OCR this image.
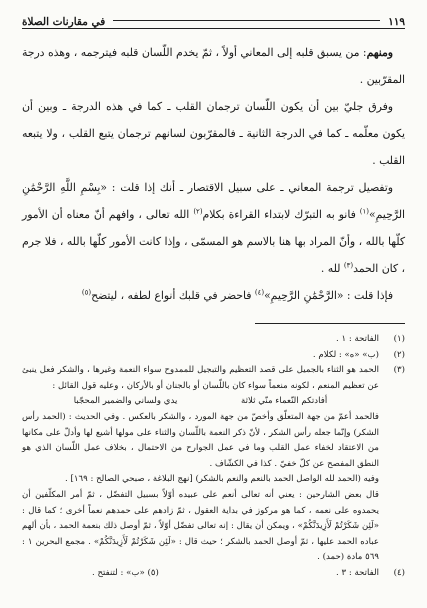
١١٩
في مقارنات الصلاة

ومنهم: من يسبق قلبه إلى المعاني أولاً ، ثمّ يخدم اللّسان قلبه فيترجمه ، وهذه درجة المقرّبين .

وفرق جليّ بين أن يكون اللّسان ترجمان القلب ـ كما في هذه الدرجة ـ وبين أن يكون معلّمه ـ كما في الدرجة الثانية ـ فالمقرّبون لسانهم ترجمان يتبع القلب ، ولا يتبعه القلب .

وتفصيل ترجمة المعاني ـ على سبيل الاقتصار ـ أنك إذا قلت : «بِسْمِ اللَّهِ الرَّحْمَٰنِ الرَّحِيمِ»$^{(١)}$ فانو به التبرّك لابتداء القراءة بكلام$^{(٢)}$ الله تعالى ، وافهم أنّ معناه أن الأمور كلّها بالله ، وأنّ المراد بها هنا بالاسم هو المسمّى ، وإذا كانت الأمور كلّها بالله ، فلا جرم ، كان الحمد$^{(٣)}$ لله .

فإذا قلت : «الرَّحْمَٰنِ الرَّحِيمِ»$^{(٤)}$ فاحضر في قلبك أنواع لطفه ، ليتضح$^{(٥)}$

(١)
الفاتحة : ١ .
(٢)
(ب» «ه» : لكلام .
(٣)
الحمد هو الثناء بالجميل على قصد التعظيم والتبجيل للممدوح سواء النعمة وغيرها ، والشكر فعل ينبئ عن تعظيم المنعم ، لكونه منعماً سواء كان باللّسان أو بالجنان أو بالأركان ، وعليه قول القائل :
أفادتكم النّعماء منّي ثلاثة
يدي ولساني والضمير المحجّبا
فالحمد أعمّ من جهة المتعلّق وأخصّ من جهة المورد ، والشكر بالعكس . وفي الحديث : (الحمد رأس الشكر) وإنّما جعله رأس الشكر ، لأنّ ذكر النعمة باللّسان والثناء على مولها أشيع لها وأدلّ على مكانها من الاعتقاد لخفاء عمل القلب وما في عمل الجوارح من الاحتمال ، بخلاف عمل اللّسان الذي هو النطق المفصح عن كلّ خفيّ . كذا في الكشّاف .
وفيه (الحمد لله الواصل الحمد بالنعم والنعم بالشكر) [نهج البلاغة ، صبحي الصالح : ١٦٩] .
قال بعض الشارحين : يعني أنه تعالى أنعم على عبيده أوّلاً بسبيل التفضّل ، ثمّ أمر المكلّفين أن يحمدوه على نعمه ، كما هو مركوز في بداية العقول ، ثمّ زادهم على حمدهم نعماً أخرى ؛ كما قال : «لَئِن شَكَرْتُمْ لَأَزِيدَنَّكُمْ» ، ويمكن أن يقال : إنه تعالى تفضّل أوّلاً ، ثمّ أوصل ذلك بنعمة الحمد ، بأن ألهم عباده الحمد عليها ، ثمّ أوصل الحمد بالشكر ؛ حيث قال : «لَئِن شَكَرْتُمْ لَأَزِيدَنَّكُمْ» . مجمع البحرين ١ : ٥٦٩ مادة (حمد) .
(٤)
الفاتحة : ٣ .
(٥) «ب» : لتنفتح .
